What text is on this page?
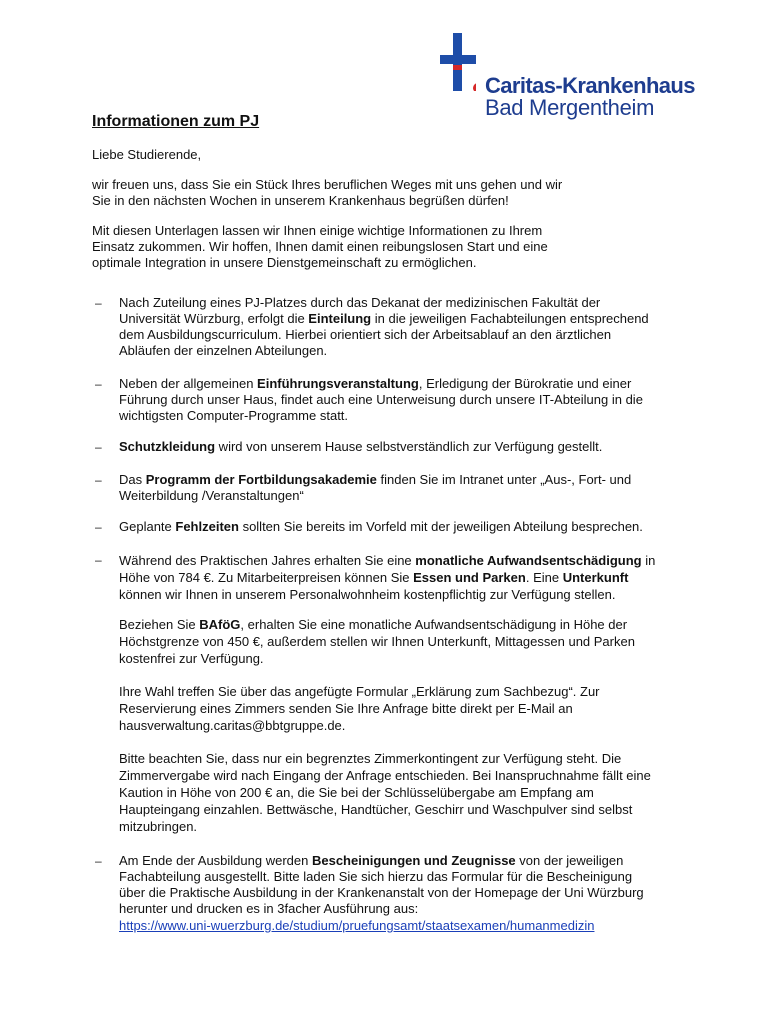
Caritas-Krankenhaus
Bad Mergentheim
Informationen zum PJ
Liebe Studierende,
wir freuen uns, dass Sie ein Stück Ihres beruflichen Weges mit uns gehen und wir
Sie in den nächsten Wochen in unserem Krankenhaus begrüßen dürfen!
Mit diesen Unterlagen lassen wir Ihnen einige wichtige Informationen zu Ihrem
Einsatz zukommen. Wir hoffen, Ihnen damit einen reibungslosen Start und eine
optimale Integration in unsere Dienstgemeinschaft zu ermöglichen.
–	Nach Zuteilung eines PJ-Platzes durch das Dekanat der medizinischen Fakultät der
Universität Würzburg, erfolgt die Einteilung in die jeweiligen Fachabteilungen entsprechend
dem Ausbildungscurriculum. Hierbei orientiert sich der Arbeitsablauf an den ärztlichen
Abläufen der einzelnen Abteilungen.
–	Neben der allgemeinen Einführungsveranstaltung, Erledigung der Bürokratie und einer
Führung durch unser Haus, findet auch eine Unterweisung durch unsere IT-Abteilung in die
wichtigsten Computer-Programme statt.
–	Schutzkleidung wird von unserem Hause selbstverständlich zur Verfügung gestellt.
–	Das Programm der Fortbildungsakademie finden Sie im Intranet unter „Aus-, Fort- und
Weiterbildung /Veranstaltungen“
–	Geplante Fehlzeiten sollten Sie bereits im Vorfeld mit der jeweiligen Abteilung besprechen.
–	Während des Praktischen Jahres erhalten Sie eine monatliche Aufwandsentschädigung in
Höhe von 784 €. Zu Mitarbeiterpreisen können Sie Essen und Parken. Eine Unterkunft
können wir Ihnen in unserem Personalwohnheim kostenpflichtig zur Verfügung stellen.
Beziehen Sie BAföG, erhalten Sie eine monatliche Aufwandsentschädigung in Höhe der
Höchstgrenze von 450 €, außerdem stellen wir Ihnen Unterkunft, Mittagessen und Parken
kostenfrei zur Verfügung.
Ihre Wahl treffen Sie über das angefügte Formular „Erklärung zum Sachbezug“. Zur
Reservierung eines Zimmers senden Sie Ihre Anfrage bitte direkt per E-Mail an
hausverwaltung.caritas@bbtgruppe.de.
Bitte beachten Sie, dass nur ein begrenztes Zimmerkontingent zur Verfügung steht. Die
Zimmervergabe wird nach Eingang der Anfrage entschieden. Bei Inanspruchnahme fällt eine
Kaution in Höhe von 200 € an, die Sie bei der Schlüsselübergabe am Empfang am
Haupteingang einzahlen. Bettwäsche, Handtücher, Geschirr und Waschpulver sind selbst
mitzubringen.
–	Am Ende der Ausbildung werden Bescheinigungen und Zeugnisse von der jeweiligen
Fachabteilung ausgestellt. Bitte laden Sie sich hierzu das Formular für die Bescheinigung
über die Praktische Ausbildung in der Krankenanstalt von der Homepage der Uni Würzburg
herunter und drucken es in 3facher Ausführung aus:
https://www.uni-wuerzburg.de/studium/pruefungsamt/staatsexamen/humanmedizin
